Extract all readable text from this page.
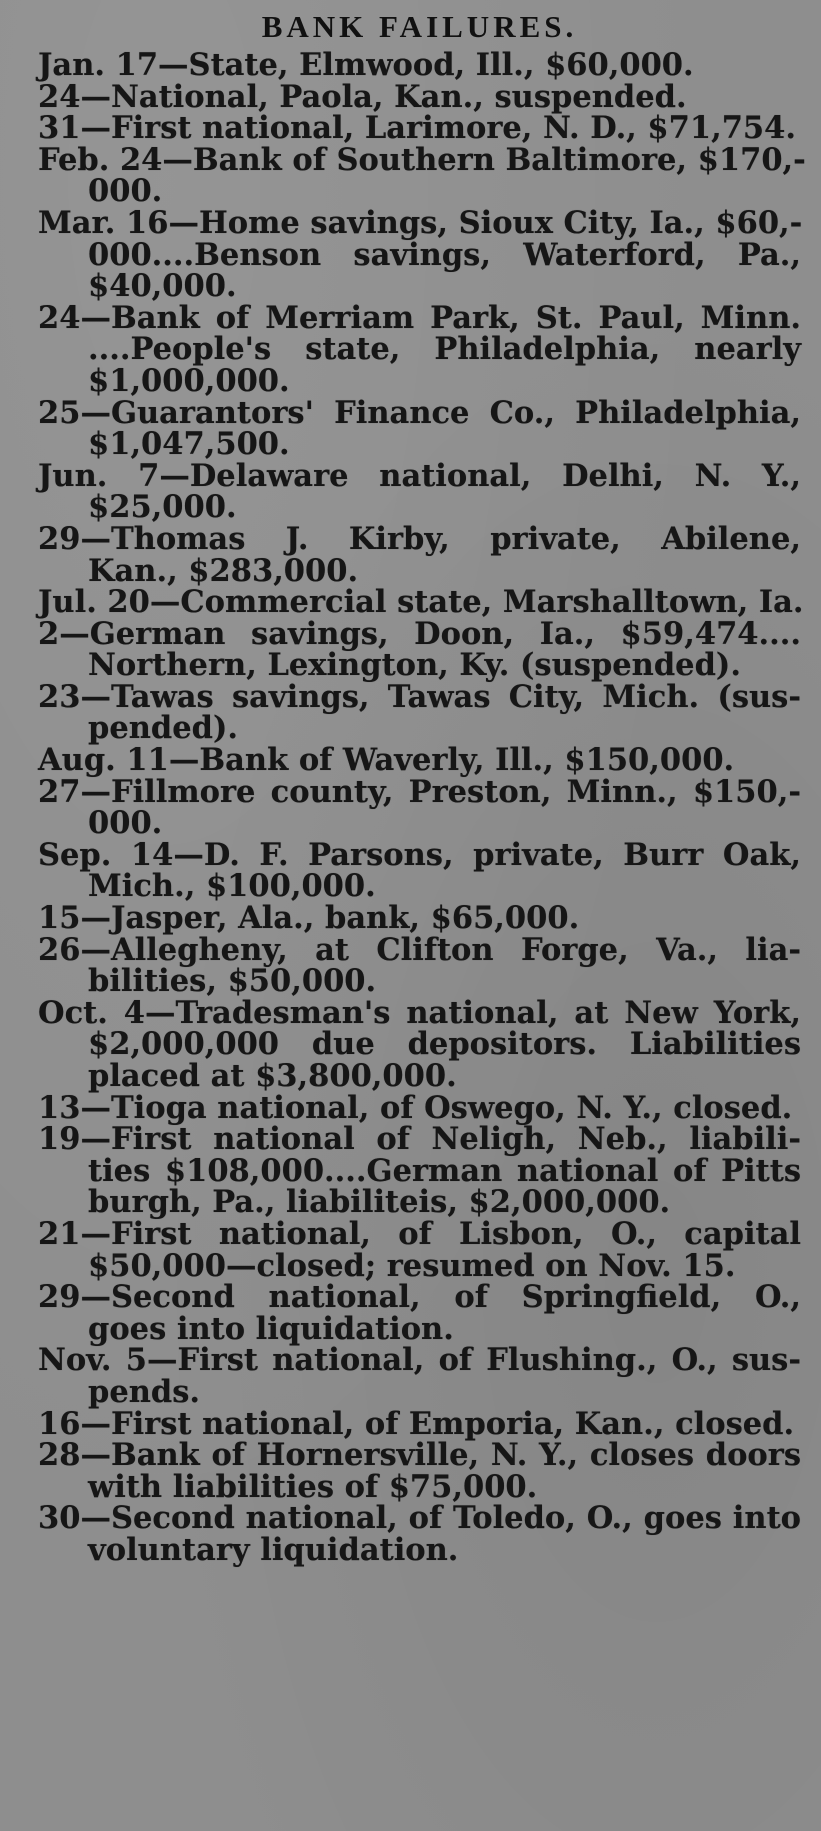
BANK FAILURES.
Jan. 17—State, Elmwood, Ill., $60,000.
24—National, Paola, Kan., suspended.
31—First national, Larimore, N. D., $71,754.
Feb. 24—Bank of Southern Baltimore, $170,-
000.
Mar. 16—Home savings, Sioux City, Ia., $60,-
000....Benson savings, Waterford, Pa.,
$40,000.
24—Bank of Merriam Park, St. Paul, Minn.
....People's state, Philadelphia, nearly
$1,000,000.
25—Guarantors' Finance Co., Philadelphia,
$1,047,500.
Jun. 7—Delaware national, Delhi, N. Y.,
$25,000.
29—Thomas J. Kirby, private, Abilene,
Kan., $283,000.
Jul. 20—Commercial state, Marshalltown, Ia.
2—German savings, Doon, Ia., $59,474....
Northern, Lexington, Ky. (suspended).
23—Tawas savings, Tawas City, Mich. (sus-
pended).
Aug. 11—Bank of Waverly, Ill., $150,000.
27—Fillmore county, Preston, Minn., $150,-
000.
Sep. 14—D. F. Parsons, private, Burr Oak,
Mich., $100,000.
15—Jasper, Ala., bank, $65,000.
26—Allegheny, at Clifton Forge, Va., lia-
bilities, $50,000.
Oct. 4—Tradesman's national, at New York,
$2,000,000 due depositors. Liabilities
placed at $3,800,000.
13—Tioga national, of Oswego, N. Y., closed.
19—First national of Neligh, Neb., liabili-
ties $108,000....German national of Pitts
burgh, Pa., liabiliteis, $2,000,000.
21—First national, of Lisbon, O., capital
$50,000—closed; resumed on Nov. 15.
29—Second national, of Springfield, O.,
goes into liquidation.
Nov. 5—First national, of Flushing., O., sus-
pends.
16—First national, of Emporia, Kan., closed.
28—Bank of Hornersville, N. Y., closes doors
with liabilities of $75,000.
30—Second national, of Toledo, O., goes into
voluntary liquidation.
